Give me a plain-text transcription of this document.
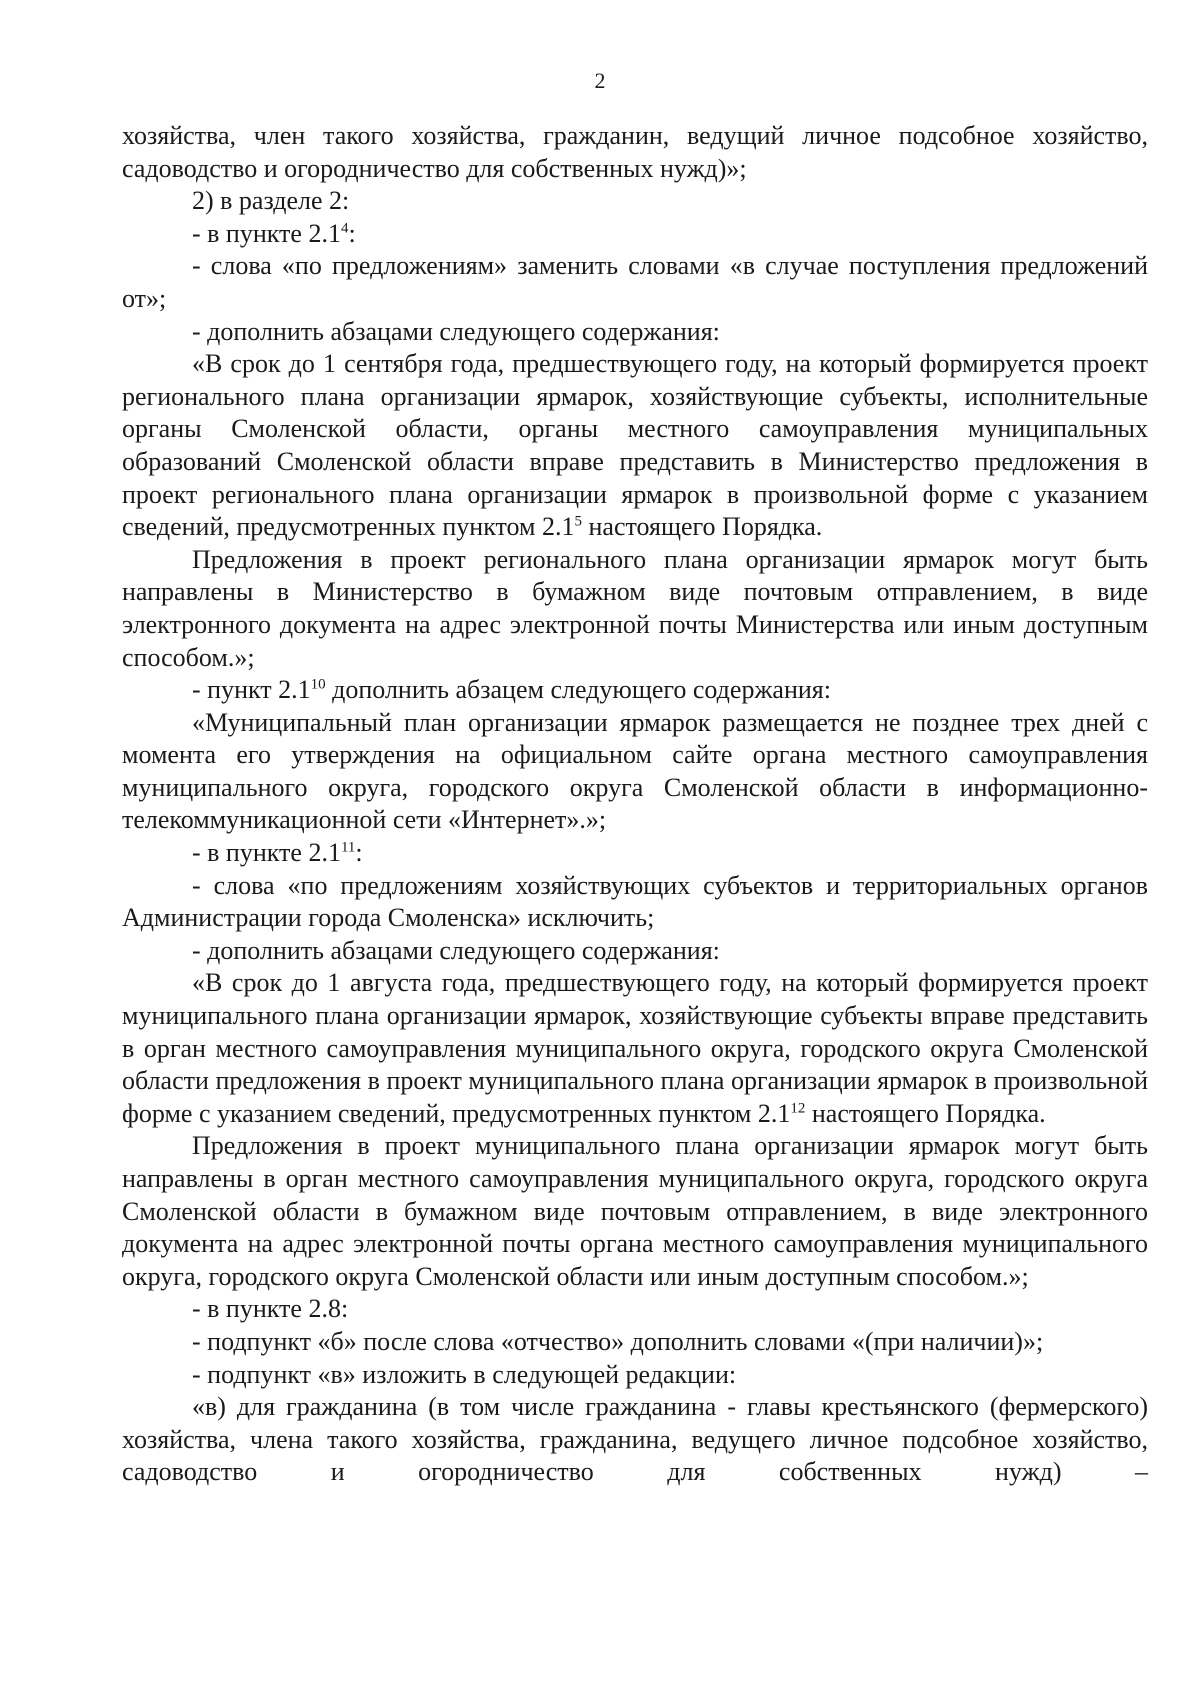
2

хозяйства, член такого хозяйства, гражданин, ведущий личное подсобное хозяйство, садоводство и огородничество для собственных нужд)»;

2) в разделе 2:

- в пункте $2.1^4$:

- слова «по предложениям» заменить словами «в случае поступления предложений от»;

- дополнить абзацами следующего содержания:

«В срок до 1 сентября года, предшествующего году, на который формируется проект регионального плана организации ярмарок, хозяйствующие субъекты, исполнительные органы Смоленской области, органы местного самоуправления муниципальных образований Смоленской области вправе представить в Министерство предложения в проект регионального плана организации ярмарок в произвольной форме с указанием сведений, предусмотренных пунктом $2.1^5$ настоящего Порядка.

Предложения в проект регионального плана организации ярмарок могут быть направлены в Министерство в бумажном виде почтовым отправлением, в виде электронного документа на адрес электронной почты Министерства или иным доступным способом.»;

- пункт $2.1^{10}$ дополнить абзацем следующего содержания:

«Муниципальный план организации ярмарок размещается не позднее трех дней с момента его утверждения на официальном сайте органа местного самоуправления муниципального округа, городского округа Смоленской области в информационно-телекоммуникационной сети «Интернет».»;

- в пункте $2.1^{11}$:

- слова «по предложениям хозяйствующих субъектов и территориальных органов Администрации города Смоленска» исключить;

- дополнить абзацами следующего содержания:

«В срок до 1 августа года, предшествующего году, на который формируется проект муниципального плана организации ярмарок, хозяйствующие субъекты вправе представить в орган местного самоуправления муниципального округа, городского округа Смоленской области предложения в проект муниципального плана организации ярмарок в произвольной форме с указанием сведений, предусмотренных пунктом $2.1^{12}$ настоящего Порядка.

Предложения в проект муниципального плана организации ярмарок могут быть направлены в орган местного самоуправления муниципального округа, городского округа Смоленской области в бумажном виде почтовым отправлением, в виде электронного документа на адрес электронной почты органа местного самоуправления муниципального округа, городского округа Смоленской области или иным доступным способом.»;

- в пункте 2.8:

- подпункт «б» после слова «отчество» дополнить словами «(при наличии)»;

- подпункт «в» изложить в следующей редакции:

«в) для гражданина (в том числе гражданина - главы крестьянского (фермерского) хозяйства, члена такого хозяйства, гражданина, ведущего личное подсобное хозяйство, садоводство и огородничество для собственных нужд) –
